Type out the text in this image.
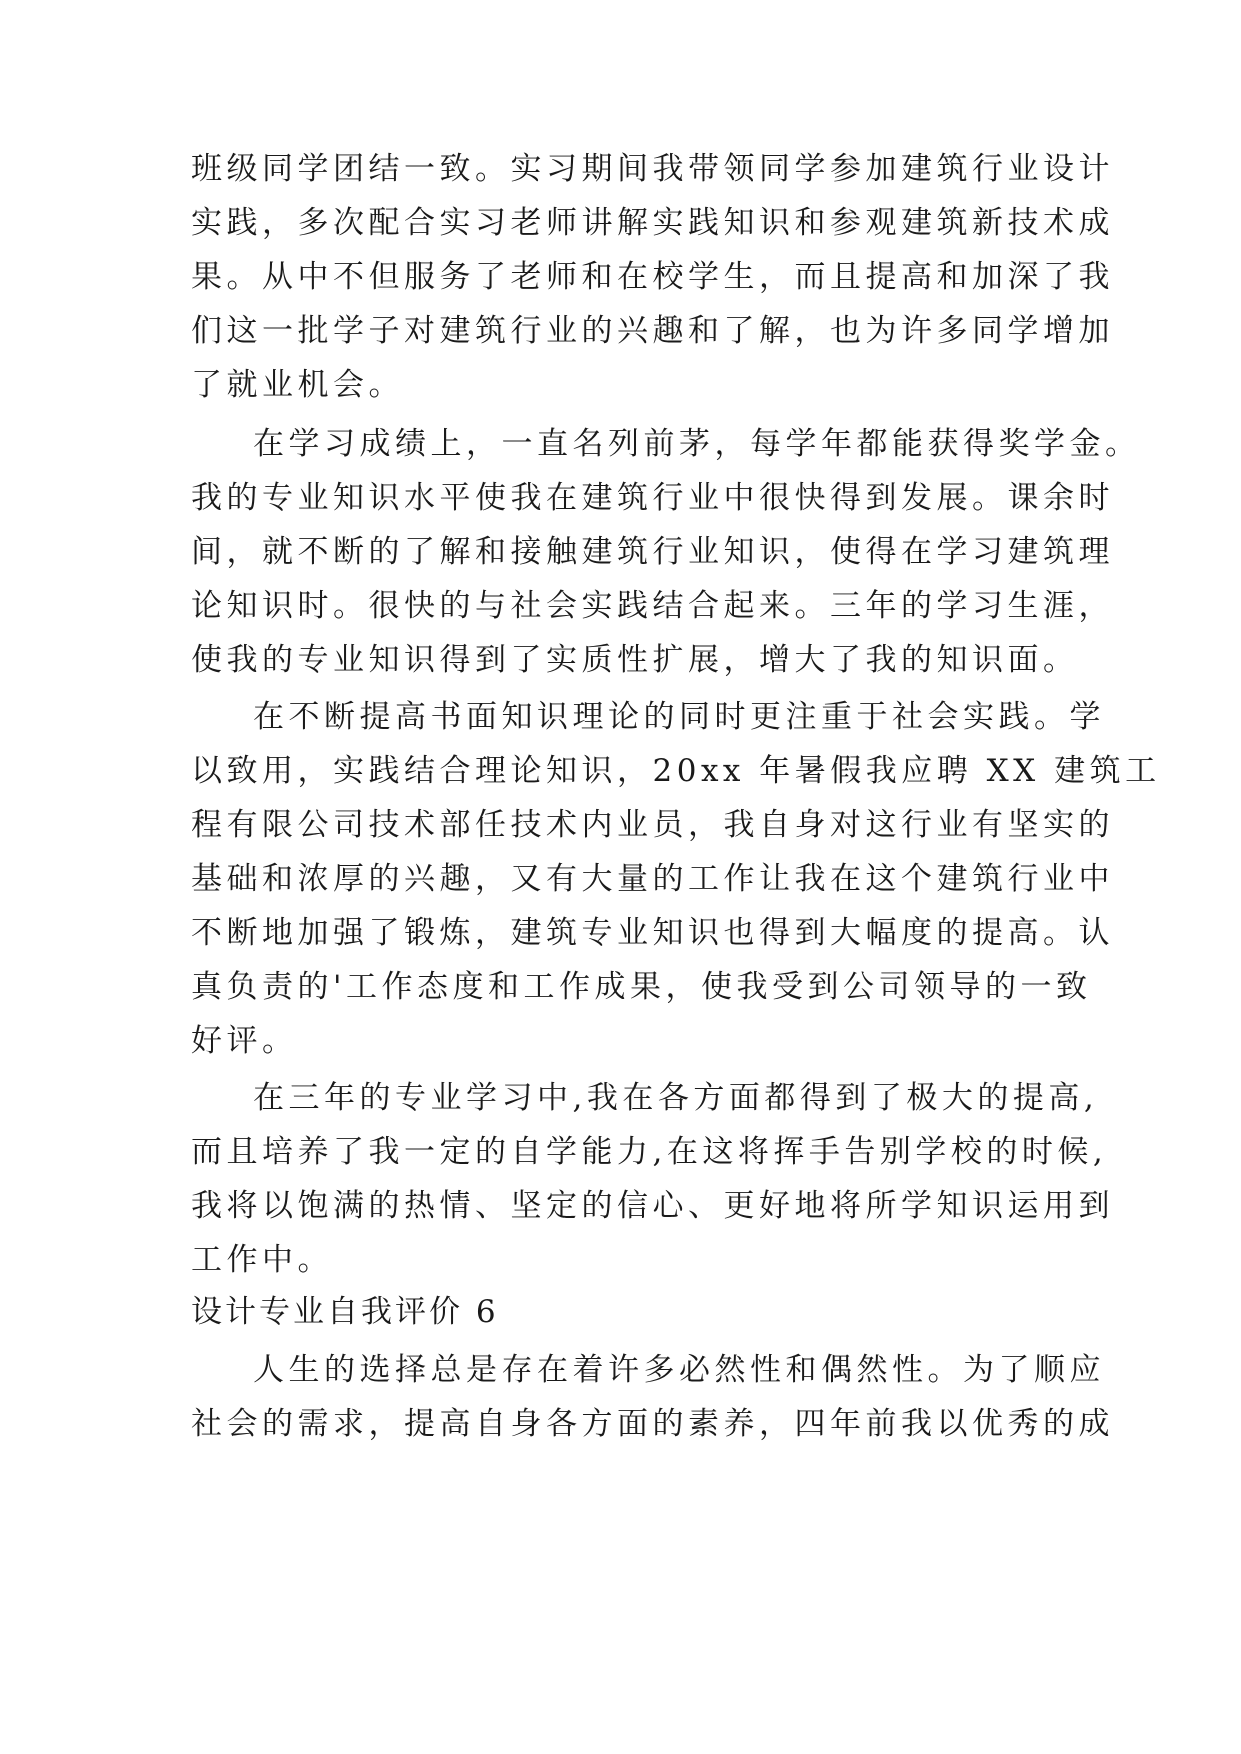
班级同学团结一致。实习期间我带领同学参加建筑行业设计
实践，多次配合实习老师讲解实践知识和参观建筑新技术成
果。从中不但服务了老师和在校学生，而且提高和加深了我
们这一批学子对建筑行业的兴趣和了解，也为许多同学增加
了就业机会。
在学习成绩上，一直名列前茅，每学年都能获得奖学金。
我的专业知识水平使我在建筑行业中很快得到发展。课余时
间，就不断的了解和接触建筑行业知识，使得在学习建筑理
论知识时。很快的与社会实践结合起来。三年的学习生涯，
使我的专业知识得到了实质性扩展，增大了我的知识面。
在不断提高书面知识理论的同时更注重于社会实践。学
以致用，实践结合理论知识，20xx 年暑假我应聘 XX 建筑工
程有限公司技术部任技术内业员，我自身对这行业有坚实的
基础和浓厚的兴趣，又有大量的工作让我在这个建筑行业中
不断地加强了锻炼，建筑专业知识也得到大幅度的提高。认
真负责的'工作态度和工作成果，使我受到公司领导的一致
好评。
在三年的专业学习中,我在各方面都得到了极大的提高,
而且培养了我一定的自学能力,在这将挥手告别学校的时候,
我将以饱满的热情、坚定的信心、更好地将所学知识运用到
工作中。
设计专业自我评价 6
人生的选择总是存在着许多必然性和偶然性。为了顺应
社会的需求，提高自身各方面的素养，四年前我以优秀的成
